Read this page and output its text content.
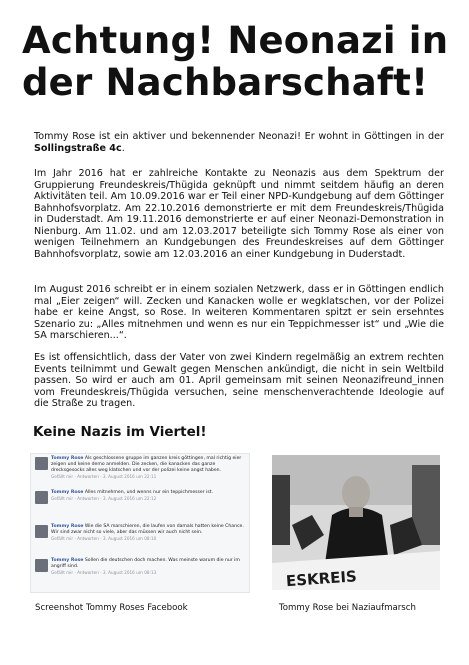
Achtung! Neonazi in der Nachbarschaft!
Tommy Rose ist ein aktiver und bekennender Neonazi! Er wohnt in Göttingen in der Sollingstraße 4c.
Im Jahr 2016 hat er zahlreiche Kontakte zu Neonazis aus dem Spektrum der Gruppierung Freundeskreis/Thügida geknüpft und nimmt seitdem häufig an deren Aktivitäten teil. Am 10.09.2016 war er Teil einer NPD-Kundgebung auf dem Göttinger Bahnhofsvorplatz. Am 22.10.2016 demonstrierte er mit dem Freundeskreis/Thügida in Duderstadt. Am 19.11.2016 demonstrierte er auf einer Neonazi-Demonstration in Nienburg. Am 11.02. und am 12.03.2017 beteiligte sich Tommy Rose als einer von wenigen Teilnehmern an Kundgebungen des Freundeskreises auf dem Göttinger Bahnhofsvorplatz, sowie am 12.03.2016 an einer Kundgebung in Duderstadt.
Im August 2016 schreibt er in einem sozialen Netzwerk, dass er in Göttingen endlich mal „Eier zeigen“ will. Zecken und Kanacken wolle er wegklatschen, vor der Polizei habe er keine Angst, so Rose. In weiteren Kommentaren spitzt er sein ersehntes Szenario zu: „Alles mitnehmen und wenn es nur ein Teppichmesser ist“ und „Wie die SA marschieren...“.
Es ist offensichtlich, dass der Vater von zwei Kindern regelmäßig an extrem rechten Events teilnimmt und Gewalt gegen Menschen ankündigt, die nicht in sein Weltbild passen. So wird er auch am 01. April gemeinsam mit seinen Neonazifreund_innen vom Freundeskreis/Thügida versuchen, seine menschenverachtende Ideologie auf die Straße zu tragen.
Keine Nazis im Viertel!
Tommy Rose Als geschlossene gruppe im ganzen kreis göttingen, mal richtig eier zeigen und keine demo anmelden. Die zecken, die kanacken das ganze drecksgesocks alles weg klatschen und vor der polizei keine angst haben.
Gefällt mir · Antworten · 3. August 2016 um 22:11
Tommy Rose Alles mitnehmen, und wenns nur ein teppichmesser ist.
Gefällt mir · Antworten · 3. August 2016 um 22:12
Tommy Rose Wie die SA marschieren, die laufen von damals hatten keine Chance. Wir sind zwar nicht so viele, aber das müssen wir auch nicht sein.
Gefällt mir · Antworten · 3. August 2016 um 08:10
Tommy Rose Sollen die deutschen doch machen. Was meinste warum die nur im angriff sind.
Gefällt mir · Antworten · 3. August 2016 um 08:13	ESKREIS
Screenshot Tommy Roses Facebook	Tommy Rose bei Naziaufmarsch
